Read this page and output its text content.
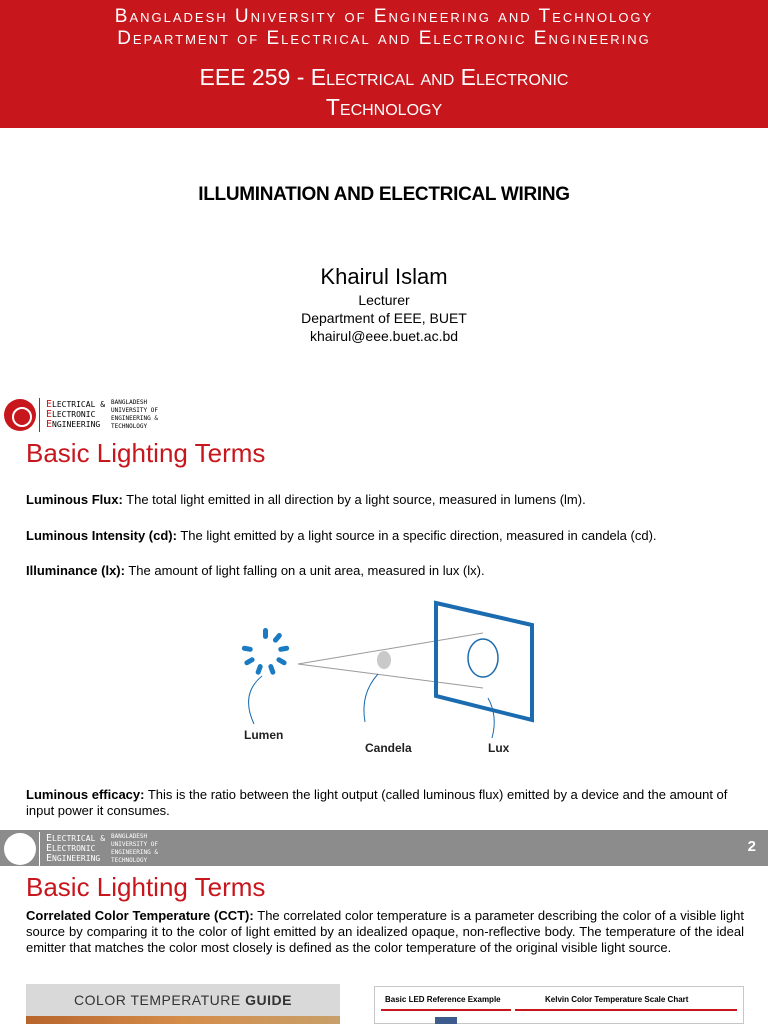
Bangladesh University of Engineering and Technology
Department of Electrical and Electronic Engineering
EEE 259 - Electrical and Electronic
Technology
ILLUMINATION AND ELECTRICAL WIRING
Khairul Islam
Lecturer
Department of EEE, BUET
khairul@eee.buet.ac.bd
ELECTRICAL &
ELECTRONIC
ENGINEERING
BANGLADESH
UNIVERSITY OF
ENGINEERING &
TECHNOLOGY
Basic Lighting Terms
Luminous Flux: The total light emitted in all direction by a light source, measured in lumens (lm).
Luminous Intensity (cd): The light emitted by a light source in a specific direction, measured in candela (cd).
Illuminance (lx): The amount of light falling on a unit area, measured in lux (lx).
Lumen
Candela	Lux
Luminous efficacy: This is the ratio between the light output (called luminous flux) emitted by a device and the amount of input power it consumes.
ELECTRICAL &
ELECTRONIC
ENGINEERING
BANGLADESH
UNIVERSITY OF
ENGINEERING &
TECHNOLOGY
2
Basic Lighting Terms
Correlated Color Temperature (CCT): The correlated color temperature is a parameter describing the color of a visible light source by comparing it to the color of light emitted by an idealized opaque, non-reflective body. The temperature of the ideal emitter that matches the color most closely is defined as the color temperature of the original visible light source.
COLOR TEMPERATURE GUIDE	Basic LED Reference Example	Kelvin Color Temperature Scale Chart
